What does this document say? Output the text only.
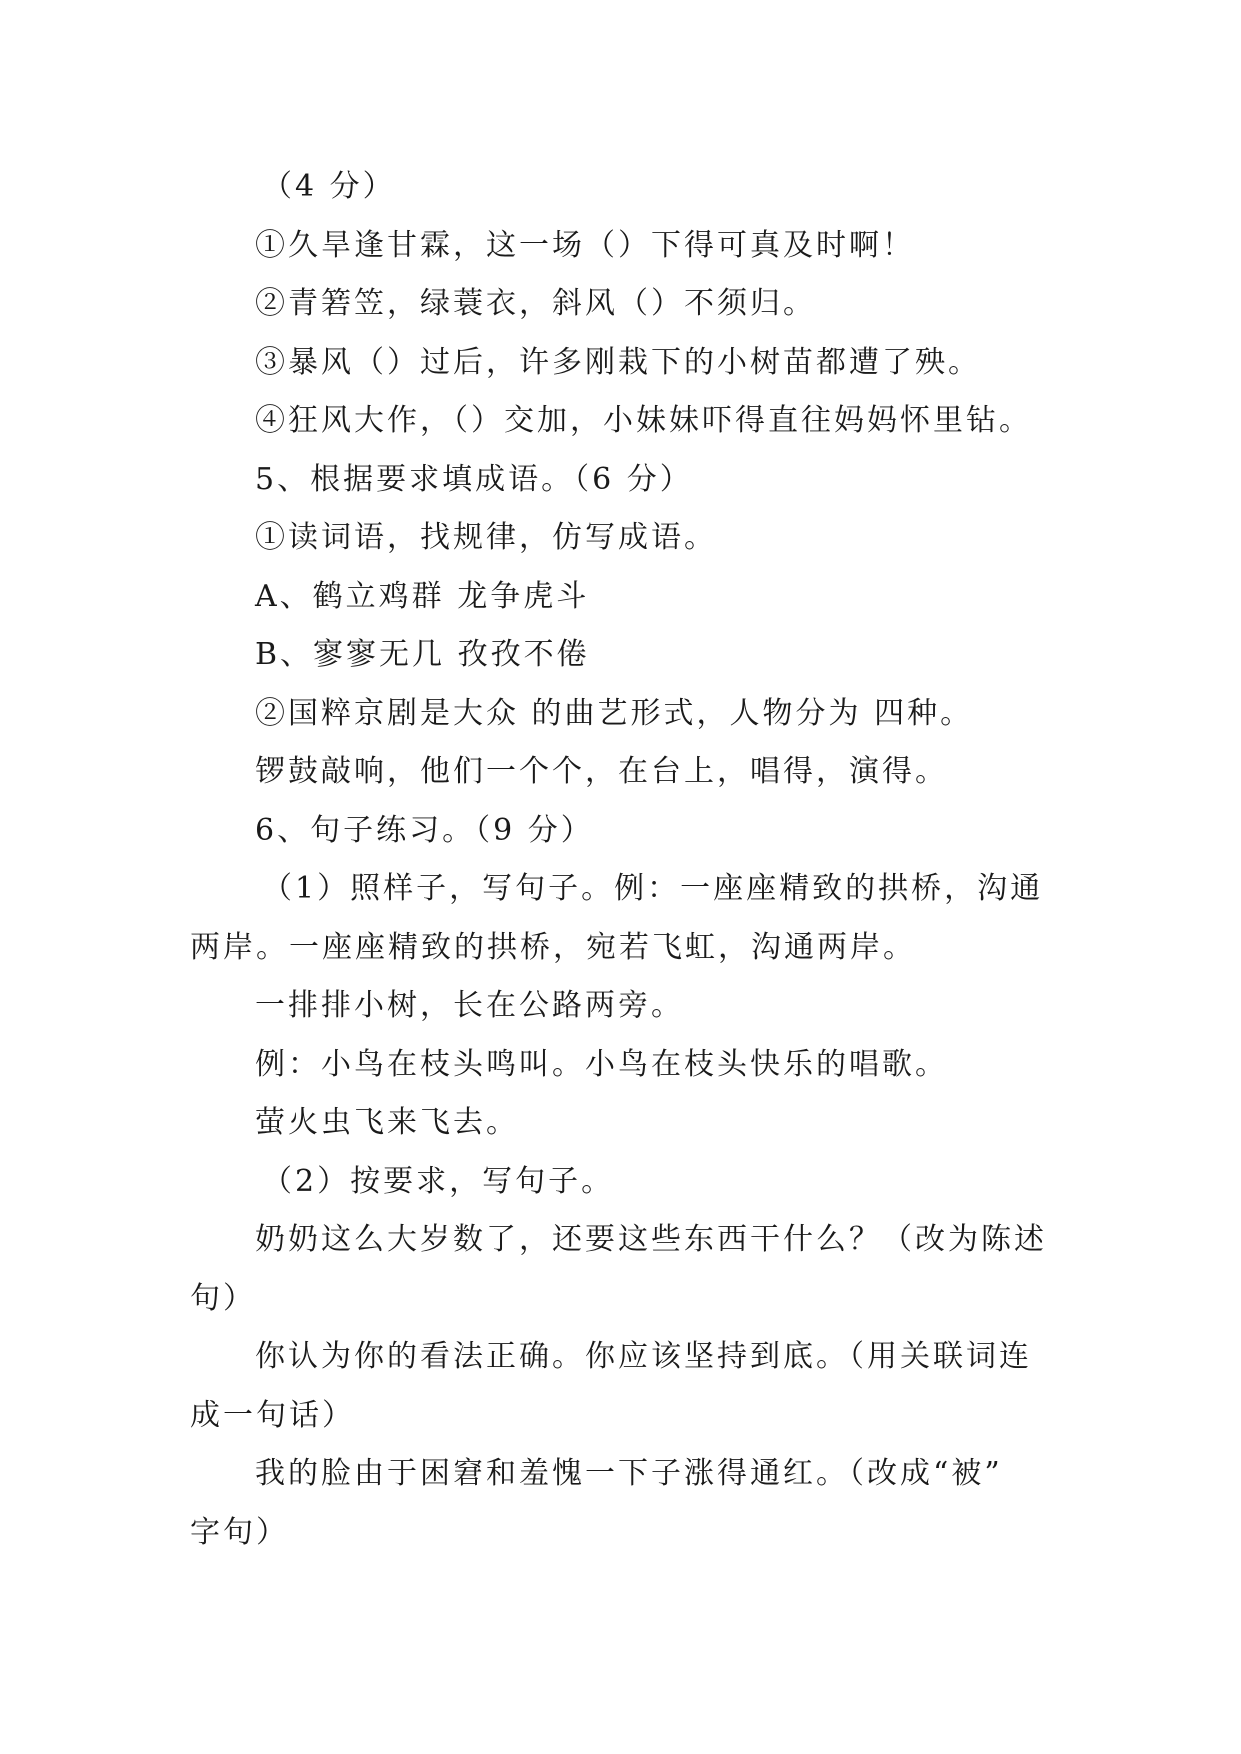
（4 分）
①久旱逢甘霖，这一场（）下得可真及时啊！
②青箬笠，绿蓑衣，斜风（）不须归。
③暴风（）过后，许多刚栽下的小树苗都遭了殃。
④狂风大作，（）交加，小妹妹吓得直往妈妈怀里钻。
5、根据要求填成语。（6 分）
①读词语，找规律，仿写成语。
A、鹤立鸡群 龙争虎斗
B、寥寥无几 孜孜不倦
②国粹京剧是大众 的曲艺形式，人物分为 四种。
锣鼓敲响，他们一个个，在台上，唱得，演得。
6、句子练习。（9 分）
（1）照样子，写句子。例：一座座精致的拱桥，沟通
两岸。一座座精致的拱桥，宛若飞虹，沟通两岸。
一排排小树，长在公路两旁。
例：小鸟在枝头鸣叫。小鸟在枝头快乐的唱歌。
萤火虫飞来飞去。
（2）按要求，写句子。
奶奶这么大岁数了，还要这些东西干什么？（改为陈述
句）
你认为你的看法正确。你应该坚持到底。（用关联词连
成一句话）
我的脸由于困窘和羞愧一下子涨得通红。（改成“被”
字句）
